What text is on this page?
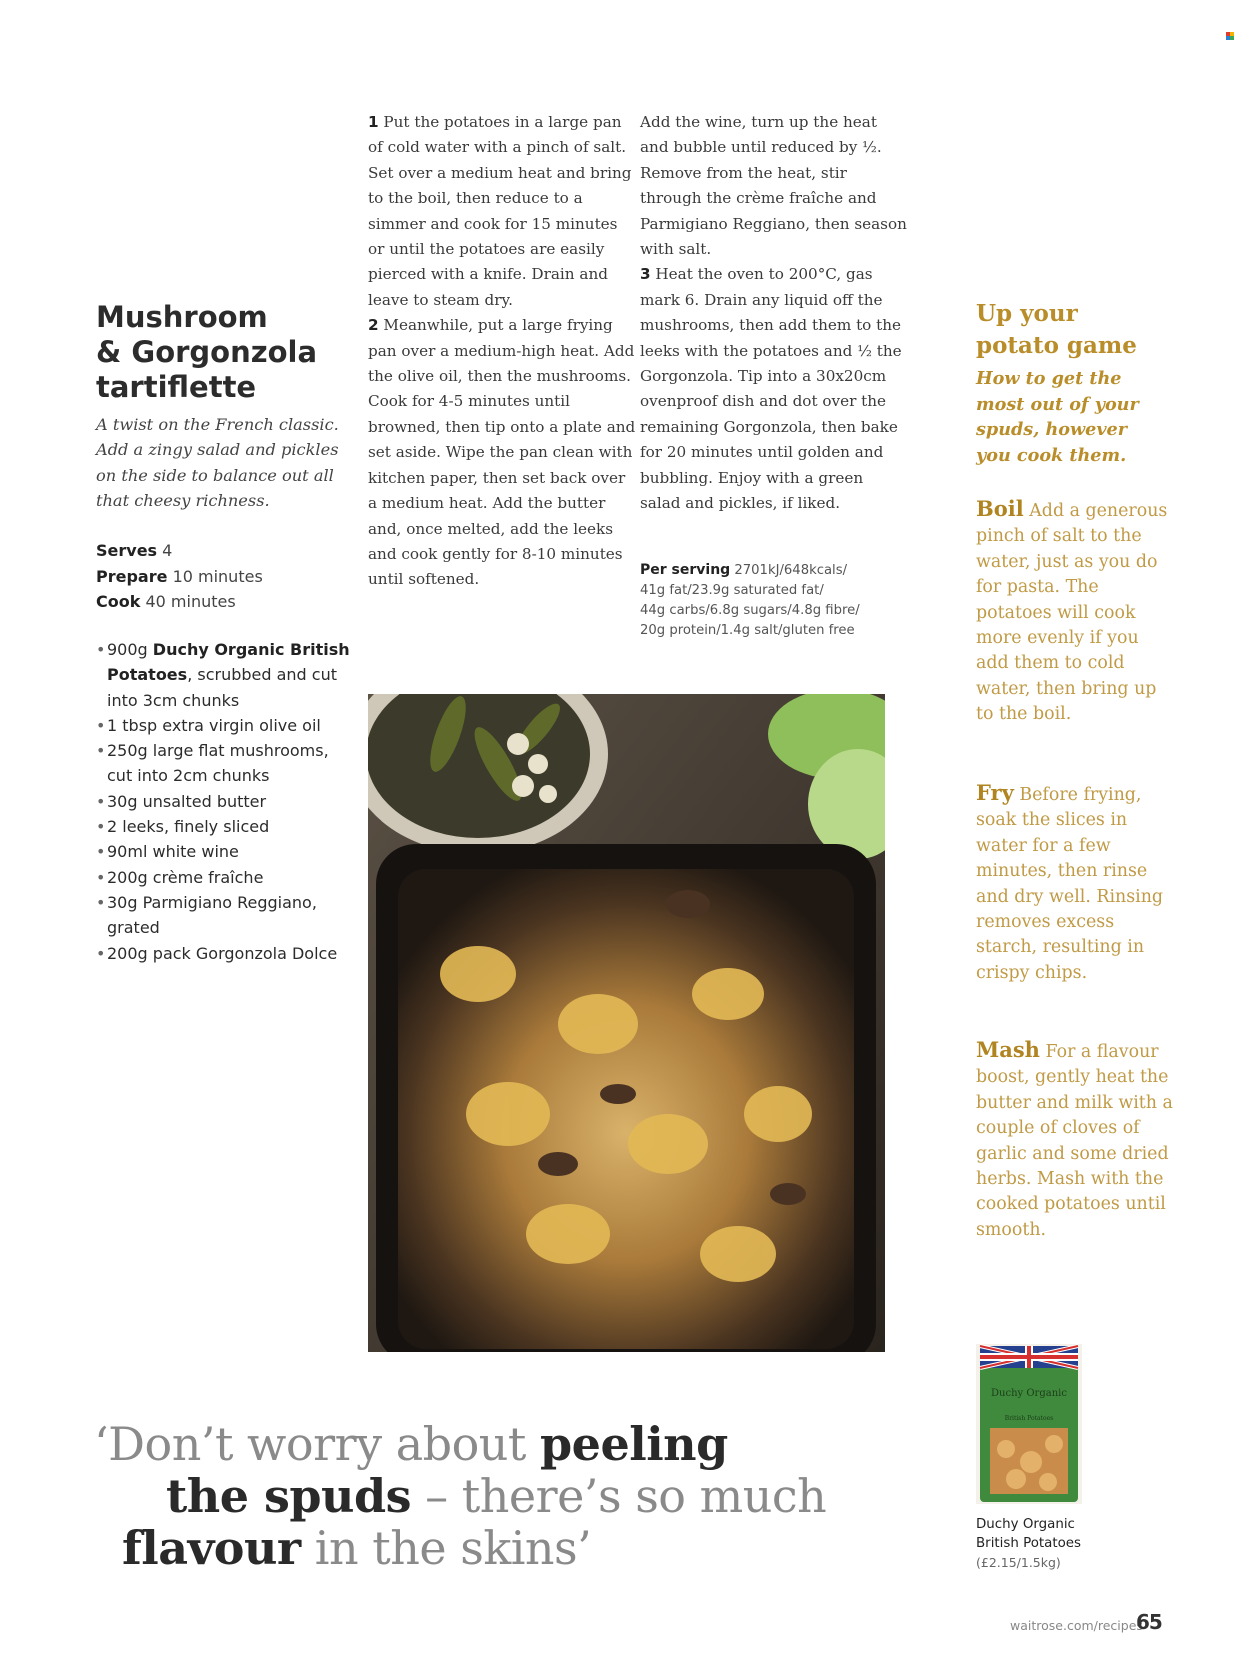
Mushroom
& Gorgonzola
tartiflette
A twist on the French classic.
Add a zingy salad and pickles
on the side to balance out all
that cheesy richness.
Serves 4
Prepare 10 minutes
Cook 40 minutes
• 900g Duchy Organic British Potatoes, scrubbed and cut into 3cm chunks
• 1 tbsp extra virgin olive oil
• 250g large flat mushrooms, cut into 2cm chunks
• 30g unsalted butter
• 2 leeks, finely sliced
• 90ml white wine
• 200g crème fraîche
• 30g Parmigiano Reggiano, grated
• 200g pack Gorgonzola Dolce

1 Put the potatoes in a large pan of cold water with a pinch of salt. Set over a medium heat and bring to the boil, then reduce to a simmer and cook for 15 minutes or until the potatoes are easily pierced with a knife. Drain and leave to steam dry.

2 Meanwhile, put a large frying pan over a medium-high heat. Add the olive oil, then the mushrooms. Cook for 4-5 minutes until browned, then tip onto a plate and set aside. Wipe the pan clean with kitchen paper, then set back over a medium heat. Add the butter and, once melted, add the leeks and cook gently for 8-10 minutes until softened.

Add the wine, turn up the heat and bubble until reduced by ½. Remove from the heat, stir through the crème fraîche and Parmigiano Reggiano, then season with salt.

3 Heat the oven to 200°C, gas mark 6. Drain any liquid off the mushrooms, then add them to the leeks with the potatoes and ½ the Gorgonzola. Tip into a 30x20cm ovenproof dish and dot over the remaining Gorgonzola, then bake for 20 minutes until golden and bubbling. Enjoy with a green salad and pickles, if liked.

Per serving 2701kJ/648kcals/
41g fat/23.9g saturated fat/
44g carbs/6.8g sugars/4.8g fibre/
20g protein/1.4g salt/gluten free
Up your
potato game
How to get the
most out of your
spuds, however
you cook them.
Boil Add a generous pinch of salt to the water, just as you do for pasta. The potatoes will cook more evenly if you add them to cold water, then bring up to the boil.
Fry Before frying, soak the slices in water for a few minutes, then rinse and dry well. Rinsing removes excess starch, resulting in crispy chips.
Mash For a flavour boost, gently heat the butter and milk with a couple of cloves of garlic and some dried herbs. Mash with the cooked potatoes until smooth.
Duchy Organic
British Potatoes
Duchy Organic
British Potatoes
(£2.15/1.5kg)
‘Don’t worry about peeling
the spuds – there’s so much
flavour in the skins’
waitrose.com/recipes
65
